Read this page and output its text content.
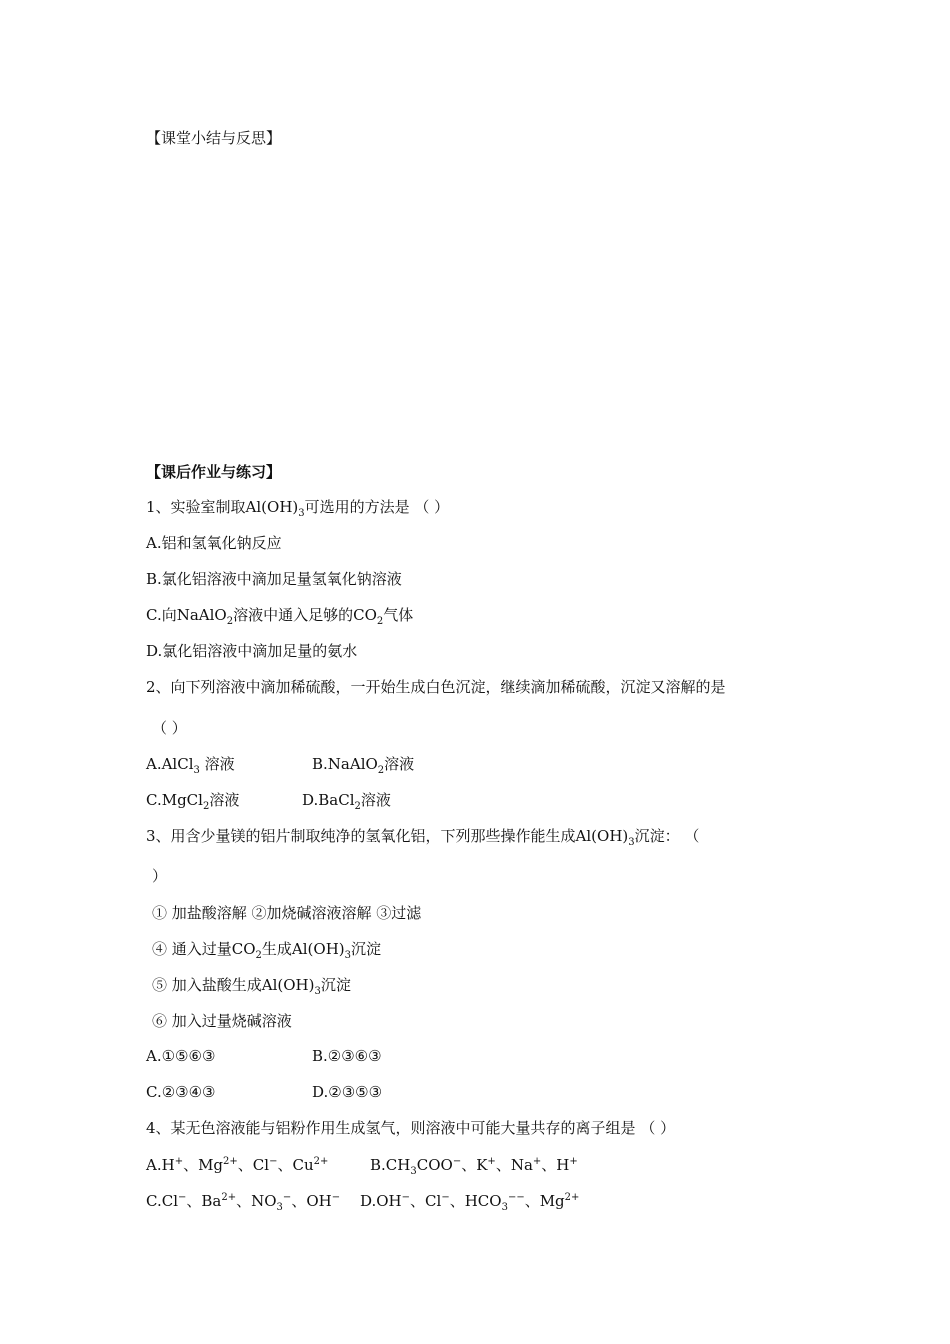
【课堂小结与反思】
【课后作业与练习】
1、实验室制取$Al(OH)_3$可选用的方法是 （ ）
A.铝和氢氧化钠反应
B.氯化铝溶液中滴加足量氢氧化钠溶液
C.向NaAlO$_2$溶液中通入足够的$CO_2$气体
D.氯化铝溶液中滴加足量的氨水
2、向下列溶液中滴加稀硫酸，一开始生成白色沉淀，继续滴加稀硫酸，沉淀又溶解的是
（ ）
A.AlCl$_3$ 溶液	B.NaAlO$_2$溶液
C.MgCl$_2$溶液	D.BaCl$_2$溶液
3、用含少量镁的铝片制取纯净的氢氧化铝，下列那些操作能生成$Al(OH)_3$沉淀： （
）
① 加盐酸溶解 ②加烧碱溶液溶解 ③过滤
④ 通入过量$CO_2$生成$Al(OH)_3$沉淀
⑤ 加入盐酸生成$Al(OH)_3$沉淀
⑥ 加入过量烧碱溶液
A.①⑤⑥③	B.②③⑥③
C.②③④③	D.②③⑤③
4、某无色溶液能与铝粉作用生成氢气，则溶液中可能大量共存的离子组是 （ ）
A.H+、$Mg^{2+}$、Cl−、$Cu^{2+}$	$B.CH_3COO^-$、K+、Na+、H+
C.Cl−、$Ba^{2+}$、$NO_3^-$、OH− D.OH−、Cl−、$HCO_3^{--}$、$Mg^{2+}$
